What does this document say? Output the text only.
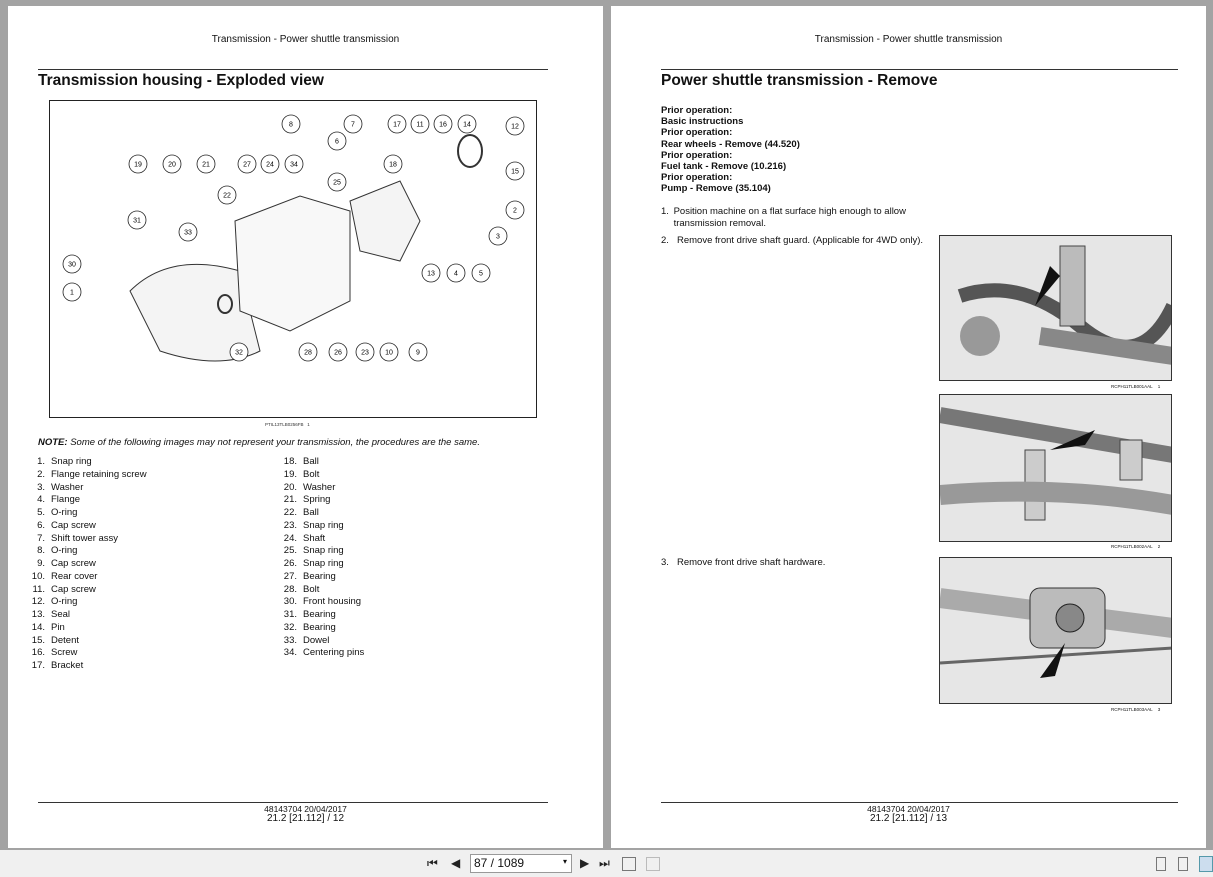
Transmission - Power shuttle transmission
Transmission housing - Exploded view
8	7	17 11 16 14	12
6
19	20	21	27 24 34	18
15
25
22
2
31
33
3
30
13	4	5
1
32	28	26	23 10	9
PTIL13TLB0256FB 1
NOTE: Some of the following images may not represent your transmission, the procedures are the same.
1. Snap ring
2. Flange retaining screw
3. Washer
4. Flange
5. O-ring
6. Cap screw
7. Shift tower assy
8. O-ring
9. Cap screw
10. Rear cover
11. Cap screw
12. O-ring
13. Seal
14. Pin
15. Detent
16. Screw
17. Bracket
18. Ball
19. Bolt
20. Washer
21. Spring
22. Ball
23. Snap ring
24. Shaft
25. Snap ring
26. Snap ring
27. Bearing
28. Bolt
30. Front housing
31. Bearing
32. Bearing
33. Dowel
34. Centering pins
48143704 20/04/2017
21.2 [21.112] / 12
Transmission - Power shuttle transmission
Power shuttle transmission - Remove
Prior operation:
Basic instructions
Prior operation:
Rear wheels - Remove (44.520)
Prior operation:
Fuel tank - Remove (10.216)
Prior operation:
Pump - Remove (35.104)
1. Position machine on a flat surface high enough to allow transmission removal.
2. Remove front drive shaft guard. (Applicable for 4WD only).
3. Remove front drive shaft hardware.
RCPH11TLB001AAL 1
RCPH11TLB002AAL 2
RCPH11TLB003AAL 3
48143704 20/04/2017
21.2 [21.112] / 13
⏮ ◀	87 / 1089	▾ ▶ ⏭
